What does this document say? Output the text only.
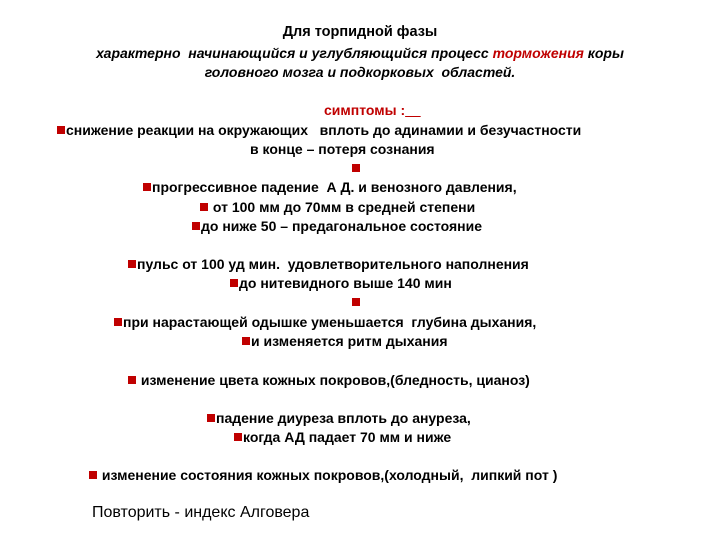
Для торпидной фазы
характерно  начинающийся и углубляющийся процесс торможения коры
головного мозга и подкорковых  областей.
симптомы :
снижение реакции на окружающих   вплоть до адинамии и безучастности
в конце – потеря сознания
прогрессивное падение  А Д. и венозного давления,
от 100 мм до 70мм в средней степени
до ниже 50 – предагональное состояние
пульс от 100 уд мин.  удовлетворительного наполнения
до нитевидного выше 140 мин
при нарастающей одышке уменьшается  глубина дыхания,
и изменяется ритм дыхания
изменение цвета кожных покровов,(бледность, цианоз)
падение диуреза вплоть до ануреза,
когда АД падает 70 мм и ниже
изменение состояния кожных покровов,(холодный,  липкий пот )
Повторить - индекс Алговера
